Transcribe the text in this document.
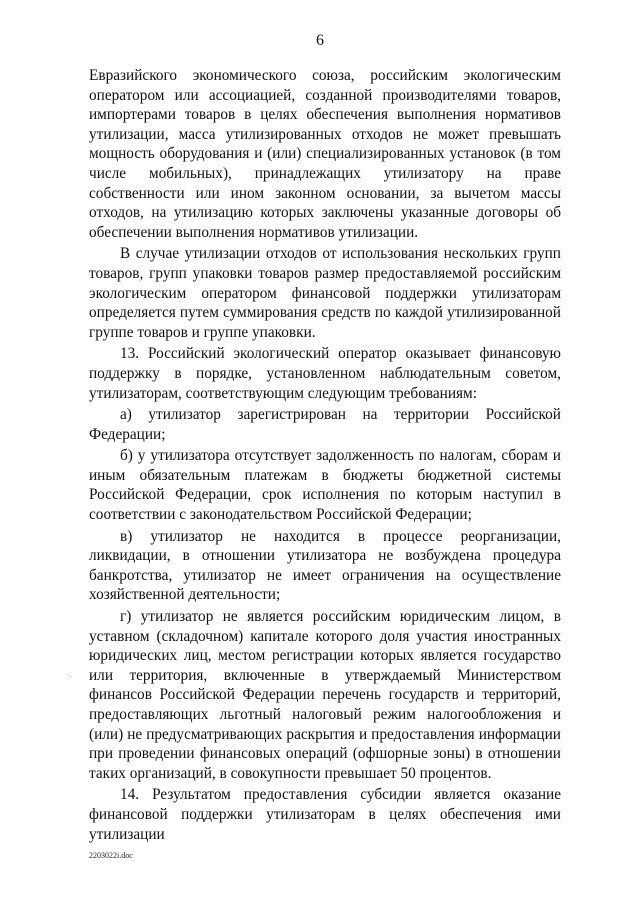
6

Евразийского экономического союза, российским экологическим оператором или ассоциацией, созданной производителями товаров, импортерами товаров в целях обеспечения выполнения нормативов утилизации, масса утилизированных отходов не может превышать мощность оборудования и (или) специализированных установок (в том числе мобильных), принадлежащих утилизатору на праве собственности или ином законном основании, за вычетом массы отходов, на утилизацию которых заключены указанные договоры об обеспечении выполнения нормативов утилизации.

В случае утилизации отходов от использования нескольких групп товаров, групп упаковки товаров размер предоставляемой российским экологическим оператором финансовой поддержки утилизаторам определяется путем суммирования средств по каждой утилизированной группе товаров и группе упаковки.

13. Российский экологический оператор оказывает финансовую поддержку в порядке, установленном наблюдательным советом, утилизаторам, соответствующим следующим требованиям:

а) утилизатор зарегистрирован на территории Российской Федерации;

б) у утилизатора отсутствует задолженность по налогам, сборам и иным обязательным платежам в бюджеты бюджетной системы Российской Федерации, срок исполнения по которым наступил в соответствии с законодательством Российской Федерации;

в) утилизатор не находится в процессе реорганизации, ликвидации, в отношении утилизатора не возбуждена процедура банкротства, утилизатор не имеет ограничения на осуществление хозяйственной деятельности;

г) утилизатор не является российским юридическим лицом, в уставном (складочном) капитале которого доля участия иностранных юридических лиц, местом регистрации которых является государство или территория, включенные в утверждаемый Министерством финансов Российской Федерации перечень государств и территорий, предоставляющих льготный налоговый режим налогообложения и (или) не предусматривающих раскрытия и предоставления информации при проведении финансовых операций (офшорные зоны) в отношении таких организаций, в совокупности превышает 50 процентов.

14. Результатом предоставления субсидии является оказание финансовой поддержки утилизаторам в целях обеспечения ими утилизации

2203022і.doc
